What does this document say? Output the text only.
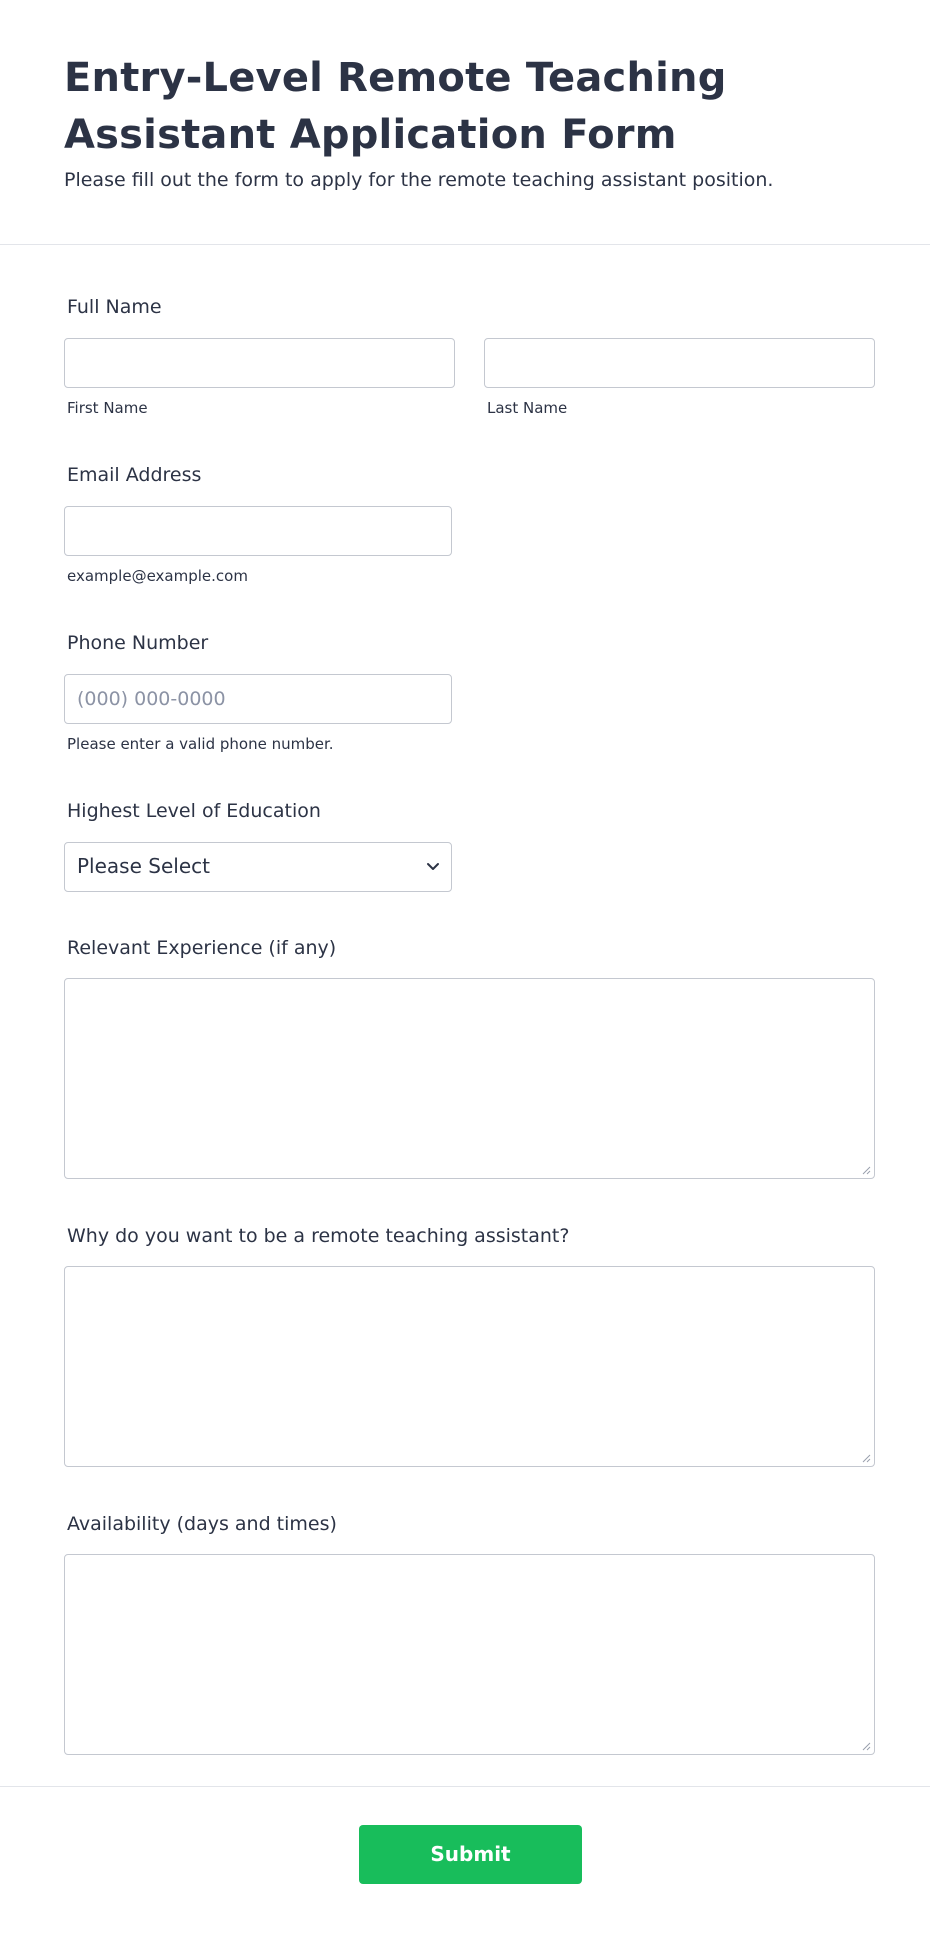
Entry-Level Remote Teaching Assistant Application Form
Please fill out the form to apply for the remote teaching assistant position.
Full Name
First Name	Last Name
Email Address
example@example.com
Phone Number
(000) 000-0000
Please enter a valid phone number.
Highest Level of Education
Please Select
Relevant Experience (if any)
Why do you want to be a remote teaching assistant?
Availability (days and times)
Submit
